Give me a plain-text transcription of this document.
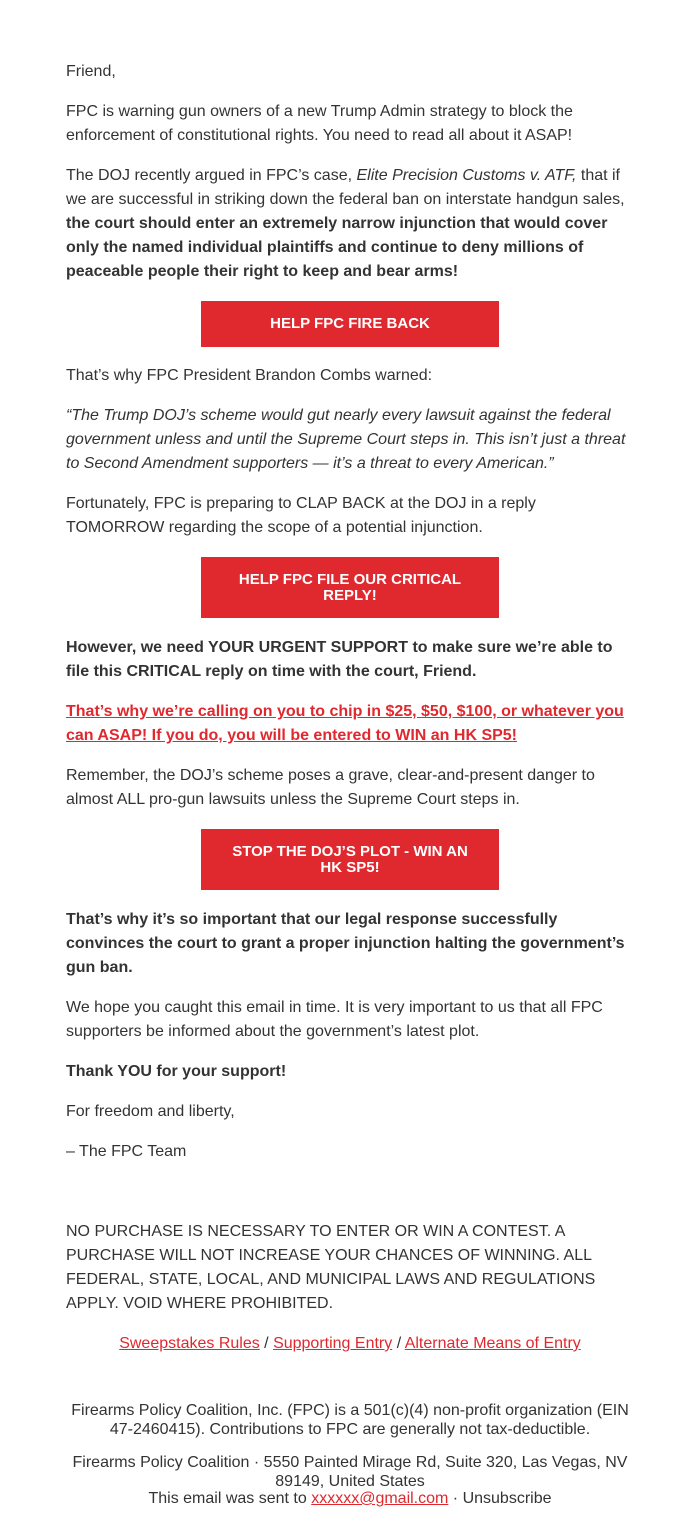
Friend,

FPC is warning gun owners of a new Trump Admin strategy to block the enforcement of constitutional rights. You need to read all about it ASAP!

The DOJ recently argued in FPC’s case, Elite Precision Customs v. ATF, that if we are successful in striking down the federal ban on interstate handgun sales, the court should enter an extremely narrow injunction that would cover only the named individual plaintiffs and continue to deny millions of peaceable people their right to keep and bear arms!

HELP FPC FIRE BACK

That’s why FPC President Brandon Combs warned:

“The Trump DOJ’s scheme would gut nearly every lawsuit against the federal government unless and until the Supreme Court steps in. This isn’t just a threat to Second Amendment supporters — it’s a threat to every American.”

Fortunately, FPC is preparing to CLAP BACK at the DOJ in a reply TOMORROW regarding the scope of a potential injunction.

HELP FPC FILE OUR CRITICAL REPLY!

However, we need YOUR URGENT SUPPORT to make sure we’re able to file this CRITICAL reply on time with the court, Friend.

That’s why we’re calling on you to chip in $25, $50, $100, or whatever you can ASAP! If you do, you will be entered to WIN an HK SP5!

Remember, the DOJ’s scheme poses a grave, clear-and-present danger to almost ALL pro-gun lawsuits unless the Supreme Court steps in.

STOP THE DOJ’S PLOT - WIN AN HK SP5!

That’s why it’s so important that our legal response successfully convinces the court to grant a proper injunction halting the government’s gun ban.

We hope you caught this email in time. It is very important to us that all FPC supporters be informed about the government’s latest plot.

Thank YOU for your support!

For freedom and liberty,

– The FPC Team

NO PURCHASE IS NECESSARY TO ENTER OR WIN A CONTEST. A PURCHASE WILL NOT INCREASE YOUR CHANCES OF WINNING. ALL FEDERAL, STATE, LOCAL, AND MUNICIPAL LAWS AND REGULATIONS APPLY. VOID WHERE PROHIBITED.

Sweepstakes Rules / Supporting Entry / Alternate Means of Entry
Firearms Policy Coalition, Inc. (FPC) is a 501(c)(4) non-profit organization (EIN 47-2460415). Contributions to FPC are generally not tax-deductible.
Firearms Policy Coalition · 5550 Painted Mirage Rd, Suite 320, Las Vegas, NV 89149, United States
This email was sent to xxxxxx@gmail.com · Unsubscribe
